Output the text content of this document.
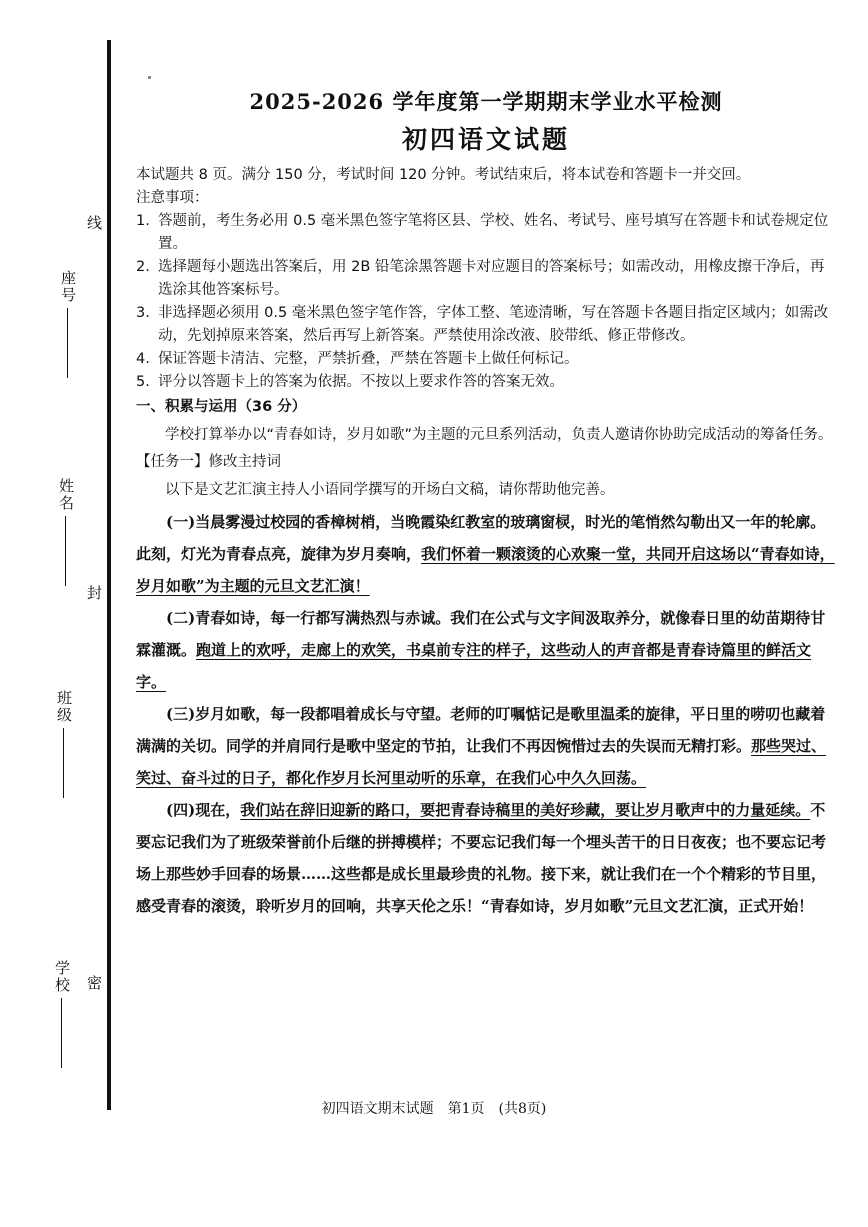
座号
线
姓名
封
班级
学校 密
2025-2026 学年度第一学期期末学业水平检测
初四语文试题

本试题共 8 页。满分 150 分，考试时间 120 分钟。考试结束后，将本试卷和答题卡一并交回。

注意事项：

1. 答题前，考生务必用 0.5 毫米黑色签字笔将区县、学校、姓名、考试号、座号填写在答题卡和试卷规定位置。
2. 选择题每小题选出答案后，用 2B 铅笔涂黑答题卡对应题目的答案标号；如需改动，用橡皮擦干净后，再选涂其他答案标号。
3. 非选择题必须用 0.5 毫米黑色签字笔作答，字体工整、笔迹清晰，写在答题卡各题目指定区域内；如需改动，先划掉原来答案，然后再写上新答案。严禁使用涂改液、胶带纸、修正带修改。
4. 保证答题卡清洁、完整，严禁折叠，严禁在答题卡上做任何标记。
5. 评分以答题卡上的答案为依据。不按以上要求作答的答案无效。

一、积累与运用（36 分）

学校打算举办以“青春如诗，岁月如歌”为主题的元旦系列活动，负责人邀请你协助完成活动的筹备任务。

【任务一】修改主持词

以下是文艺汇演主持人小语同学撰写的开场白文稿，请你帮助他完善。

(一)当晨雾漫过校园的香樟树梢，当晚霞染红教室的玻璃窗棂，时光的笔悄然勾勒出又一年的轮廓。此刻，灯光为青春点亮，旋律为岁月奏响，我们怀着一颗滚烫的心欢聚一堂，共同开启这场以“青春如诗，岁月如歌”为主题的元旦文艺汇演！

(二)青春如诗，每一行都写满热烈与赤诚。我们在公式与文字间汲取养分，就像春日里的幼苗期待甘霖灌溉。跑道上的欢呼，走廊上的欢笑，书桌前专注的样子，这些动人的声音都是青春诗篇里的鲜活文字。

(三)岁月如歌，每一段都唱着成长与守望。老师的叮嘱惦记是歌里温柔的旋律，平日里的唠叨也藏着满满的关切。同学的并肩同行是歌中坚定的节拍，让我们不再因惋惜过去的失误而无精打彩。那些哭过、笑过、奋斗过的日子，都化作岁月长河里动听的乐章，在我们心中久久回荡。

(四)现在，我们站在辞旧迎新的路口，要把青春诗稿里的美好珍藏，要让岁月歌声中的力量延续。不要忘记我们为了班级荣誉前仆后继的拼搏模样；不要忘记我们每一个埋头苦干的日日夜夜；也不要忘记考场上那些妙手回春的场景……这些都是成长里最珍贵的礼物。接下来，就让我们在一个个精彩的节目里，感受青春的滚烫，聆听岁月的回响，共享天伦之乐！“青春如诗，岁月如歌”元旦文艺汇演，正式开始！

初四语文期末试题　第1页　(共8页)
